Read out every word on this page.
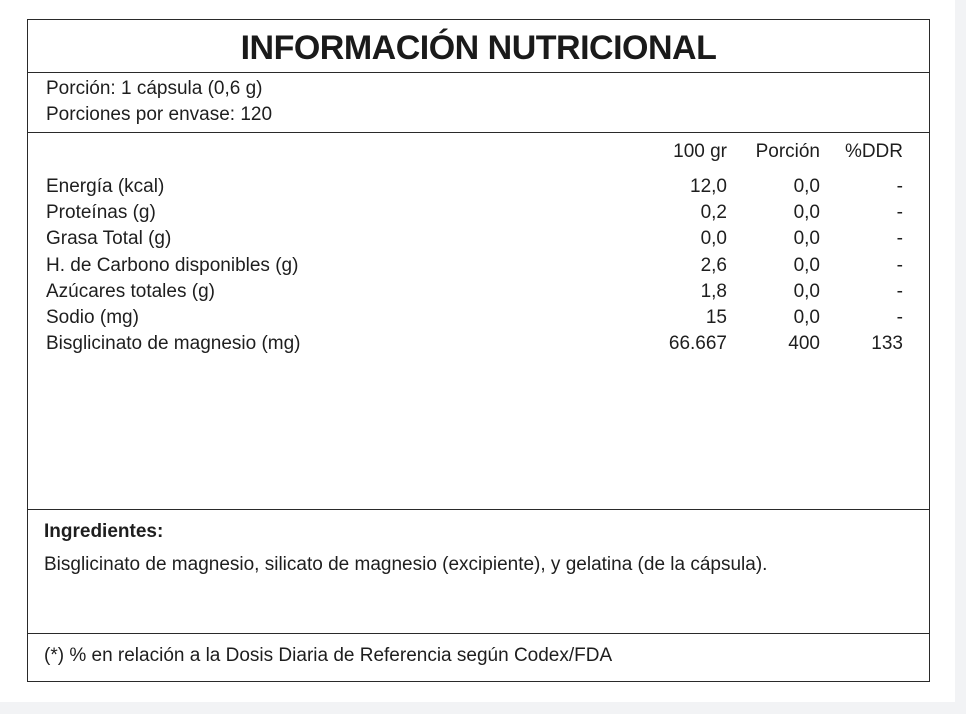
INFORMACIÓN NUTRICIONAL
Porción: 1 cápsula (0,6 g)
Porciones por envase: 120
100 gr Porción %DDR
Energía (kcal)	12,0	0,0	-
Proteínas (g)	0,2	0,0	-
Grasa Total (g)	0,0	0,0	-
H. de Carbono disponibles (g)	2,6	0,0	-
Azúcares totales (g)	1,8	0,0	-
Sodio (mg)	15	0,0	-
Bisglicinato de magnesio (mg)	66.667	400	133
Ingredientes:
Bisglicinato de magnesio, silicato de magnesio (excipiente), y gelatina (de la cápsula).
(*) % en relación a la Dosis Diaria de Referencia según Codex/FDA
